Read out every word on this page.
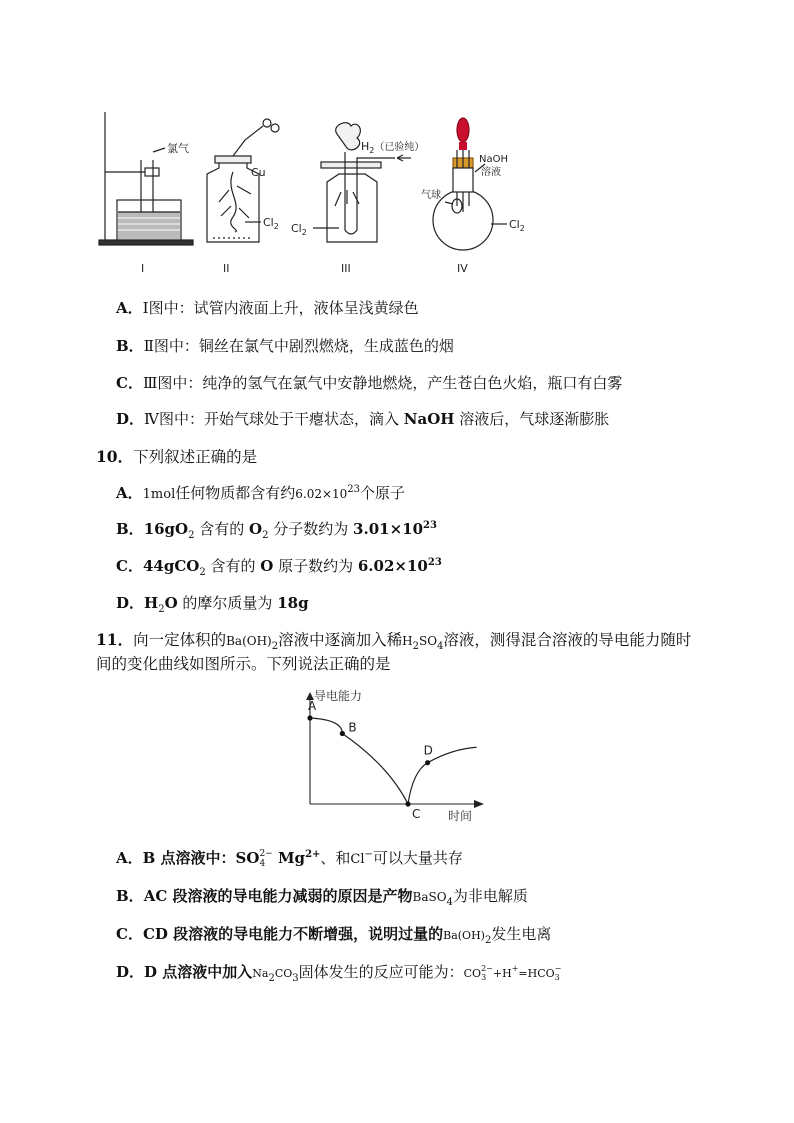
氯气
Cu
$Cl_2$
$H_2$（已验纯）
$Cl_2$
NaOH
溶液
气球
$Cl_2$
I	II	III	IV
A．Ⅰ图中：试管内液面上升，液体呈浅黄绿色
B．Ⅱ图中：铜丝在氯气中剧烈燃烧，生成蓝色的烟
C．Ⅲ图中：纯净的氢气在氯气中安静地燃烧，产生苍白色火焰，瓶口有白雾
D．Ⅳ图中：开始气球处于干瘪状态，滴入 NaOH 溶液后，气球逐渐膨胀
10．下列叙述正确的是
A．1mol任何物质都含有约$6.02\times 10^{23}$个原子
B．$16gO_2$ 含有的 $O_2$ 分子数约为 $3.01\times 10^{23}$
C．44gCO$_2$ 含有的 O 原子数约为 $6.02\times 10^{23}$
D．$H_2O$ 的摩尔质量为 18g
11．向一定体积的$Ba(OH)_2$溶液中逐滴加入稀$H_2SO_4$溶液，测得混合溶液的导电能力随时
间的变化曲线如图所示。下列说法正确的是
导电能力
时间
A
B
C
D
A．B 点溶液中：SO 2−
4 $Mg^{2+}$、和Cl−可以大量共存
B．AC 段溶液的导电能力减弱的原因是产物BaSO$_4$为非电解质
C．CD 段溶液的导电能力不断增强，说明过量的$Ba(OH)_2$发生电离
D．D 点溶液中加入$Na_2CO_3$固体发生的反应可能为：CO 2−
3 +H+=HCO −
3
